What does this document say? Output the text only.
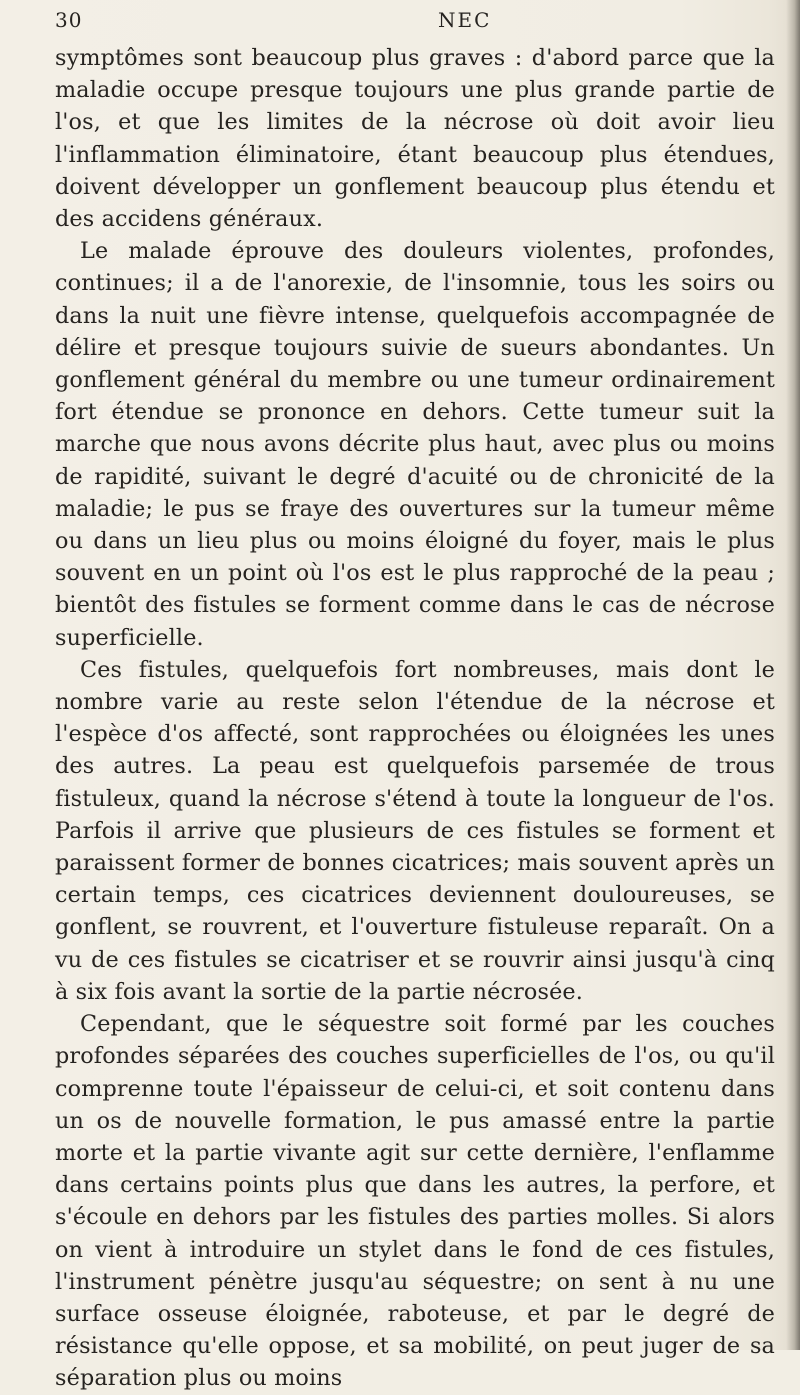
30	NEC

symptômes sont beaucoup plus graves : d'abord parce que la maladie occupe presque toujours une plus grande partie de l'os, et que les limites de la nécrose où doit avoir lieu l'inflammation éliminatoire, étant beaucoup plus étendues, doivent développer un gonflement beaucoup plus étendu et des accidens généraux.

Le malade éprouve des douleurs violentes, profondes, continues; il a de l'anorexie, de l'insomnie, tous les soirs ou dans la nuit une fièvre intense, quelquefois accompagnée de délire et presque toujours suivie de sueurs abondantes. Un gonflement général du membre ou une tumeur ordinairement fort étendue se prononce en dehors. Cette tumeur suit la marche que nous avons décrite plus haut, avec plus ou moins de rapidité, suivant le degré d'acuité ou de chronicité de la maladie; le pus se fraye des ouvertures sur la tumeur même ou dans un lieu plus ou moins éloigné du foyer, mais le plus souvent en un point où l'os est le plus rapproché de la peau ; bientôt des fistules se forment comme dans le cas de nécrose superficielle.

Ces fistules, quelquefois fort nombreuses, mais dont le nombre varie au reste selon l'étendue de la nécrose et l'espèce d'os affecté, sont rapprochées ou éloignées les unes des autres. La peau est quelquefois parsemée de trous fistuleux, quand la nécrose s'étend à toute la longueur de l'os. Parfois il arrive que plusieurs de ces fistules se forment et paraissent former de bonnes cicatrices; mais souvent après un certain temps, ces cicatrices deviennent douloureuses, se gonflent, se rouvrent, et l'ouverture fistuleuse reparaît. On a vu de ces fistules se cicatriser et se rouvrir ainsi jusqu'à cinq à six fois avant la sortie de la partie nécrosée.

Cependant, que le séquestre soit formé par les couches profondes séparées des couches superficielles de l'os, ou qu'il comprenne toute l'épaisseur de celui-ci, et soit contenu dans un os de nouvelle formation, le pus amassé entre la partie morte et la partie vivante agit sur cette dernière, l'enflamme dans certains points plus que dans les autres, la perfore, et s'écoule en dehors par les fistules des parties molles. Si alors on vient à introduire un stylet dans le fond de ces fistules, l'instrument pénètre jusqu'au séquestre; on sent à nu une surface osseuse éloignée, raboteuse, et par le degré de résistance qu'elle oppose, et sa mobilité, on peut juger de sa séparation plus ou moins
